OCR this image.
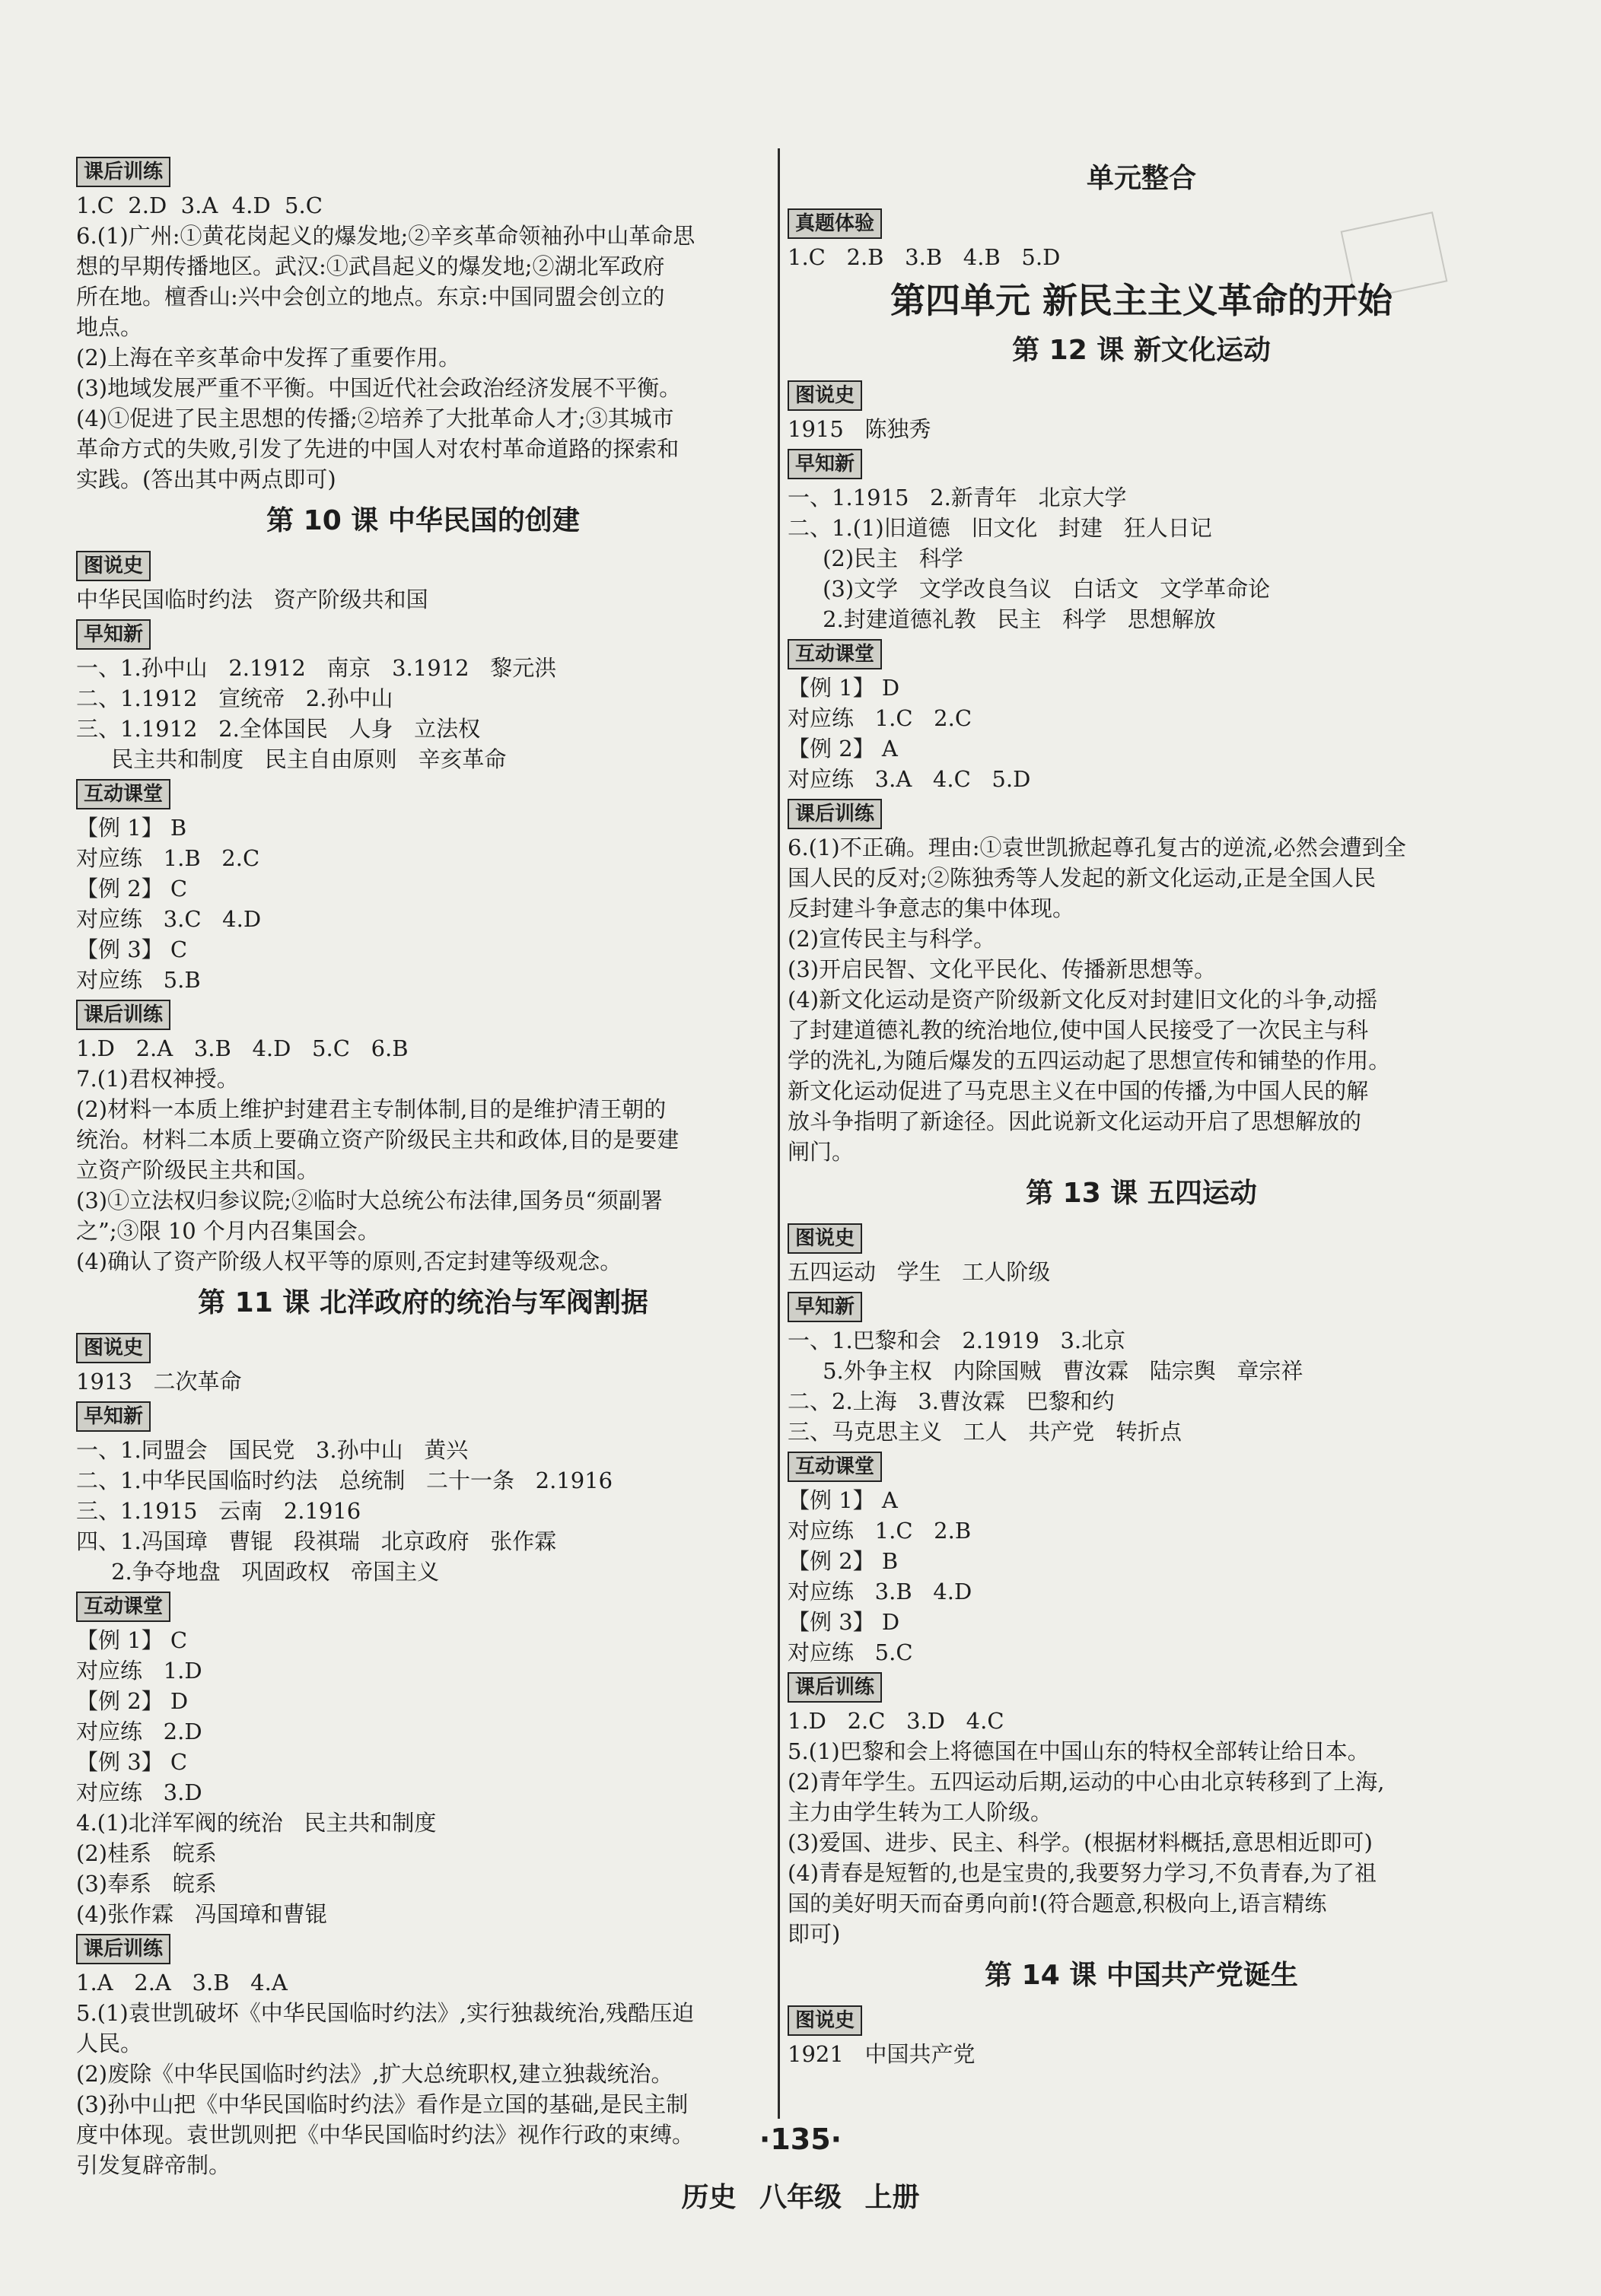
课后训练

1.C  2.D  3.A  4.D  5.C

6.(1)广州:①黄花岗起义的爆发地;②辛亥革命领袖孙中山革命思

想的早期传播地区。武汉:①武昌起义的爆发地;②湖北军政府

所在地。檀香山:兴中会创立的地点。东京:中国同盟会创立的

地点。

(2)上海在辛亥革命中发挥了重要作用。

(3)地域发展严重不平衡。中国近代社会政治经济发展不平衡。

(4)①促进了民主思想的传播;②培养了大批革命人才;③其城市

革命方式的失败,引发了先进的中国人对农村革命道路的探索和

实践。(答出其中两点即可)

第 10 课 中华民国的创建
图说史

中华民国临时约法   资产阶级共和国

早知新

一、1.孙中山   2.1912   南京   3.1912   黎元洪

二、1.1912   宣统帝   2.孙中山

三、1.1912   2.全体国民   人身   立法权

民主共和制度   民主自由原则   辛亥革命

互动课堂

【例 1】 B

对应练   1.B   2.C

【例 2】 C

对应练   3.C   4.D

【例 3】 C

对应练   5.B

课后训练

1.D   2.A   3.B   4.D   5.C   6.B

7.(1)君权神授。

(2)材料一本质上维护封建君主专制体制,目的是维护清王朝的

统治。材料二本质上要确立资产阶级民主共和政体,目的是要建

立资产阶级民主共和国。

(3)①立法权归参议院;②临时大总统公布法律,国务员“须副署

之”;③限 10 个月内召集国会。

(4)确认了资产阶级人权平等的原则,否定封建等级观念。

第 11 课 北洋政府的统治与军阀割据
图说史

1913   二次革命

早知新

一、1.同盟会   国民党   3.孙中山   黄兴

二、1.中华民国临时约法   总统制   二十一条   2.1916

三、1.1915   云南   2.1916

四、1.冯国璋   曹锟   段祺瑞   北京政府   张作霖

2.争夺地盘   巩固政权   帝国主义

互动课堂

【例 1】 C

对应练   1.D

【例 2】 D

对应练   2.D

【例 3】 C

对应练   3.D

4.(1)北洋军阀的统治   民主共和制度

(2)桂系   皖系

(3)奉系   皖系

(4)张作霖   冯国璋和曹锟

课后训练

1.A   2.A   3.B   4.A

5.(1)袁世凯破坏《中华民国临时约法》,实行独裁统治,残酷压迫

人民。

(2)废除《中华民国临时约法》,扩大总统职权,建立独裁统治。

(3)孙中山把《中华民国临时约法》看作是立国的基础,是民主制

度中体现。袁世凯则把《中华民国临时约法》视作行政的束缚。

引发复辟帝制。

单元整合
真题体验

1.C   2.B   3.B   4.B   5.D

第四单元 新民主主义革命的开始
第 12 课 新文化运动
图说史

1915   陈独秀

早知新

一、1.1915   2.新青年   北京大学

二、1.(1)旧道德   旧文化   封建   狂人日记

(2)民主   科学

(3)文学   文学改良刍议   白话文   文学革命论

2.封建道德礼教   民主   科学   思想解放

互动课堂

【例 1】 D

对应练   1.C   2.C

【例 2】 A

对应练   3.A   4.C   5.D

课后训练

6.(1)不正确。理由:①袁世凯掀起尊孔复古的逆流,必然会遭到全

国人民的反对;②陈独秀等人发起的新文化运动,正是全国人民

反封建斗争意志的集中体现。

(2)宣传民主与科学。

(3)开启民智、文化平民化、传播新思想等。

(4)新文化运动是资产阶级新文化反对封建旧文化的斗争,动摇

了封建道德礼教的统治地位,使中国人民接受了一次民主与科

学的洗礼,为随后爆发的五四运动起了思想宣传和铺垫的作用。

新文化运动促进了马克思主义在中国的传播,为中国人民的解

放斗争指明了新途径。因此说新文化运动开启了思想解放的

闸门。

第 13 课 五四运动
图说史

五四运动   学生   工人阶级

早知新

一、1.巴黎和会   2.1919   3.北京

5.外争主权   内除国贼   曹汝霖   陆宗舆   章宗祥

二、2.上海   3.曹汝霖   巴黎和约

三、马克思主义   工人   共产党   转折点

互动课堂

【例 1】 A

对应练   1.C   2.B

【例 2】 B

对应练   3.B   4.D

【例 3】 D

对应练   5.C

课后训练

1.D   2.C   3.D   4.C

5.(1)巴黎和会上将德国在中国山东的特权全部转让给日本。

(2)青年学生。五四运动后期,运动的中心由北京转移到了上海,

主力由学生转为工人阶级。

(3)爱国、进步、民主、科学。(根据材料概括,意思相近即可)

(4)青春是短暂的,也是宝贵的,我要努力学习,不负青春,为了祖

国的美好明天而奋勇向前!(符合题意,积极向上,语言精练

即可)

第 14 课 中国共产党诞生
图说史

1921   中国共产党

·135·
历史 八年级 上册
